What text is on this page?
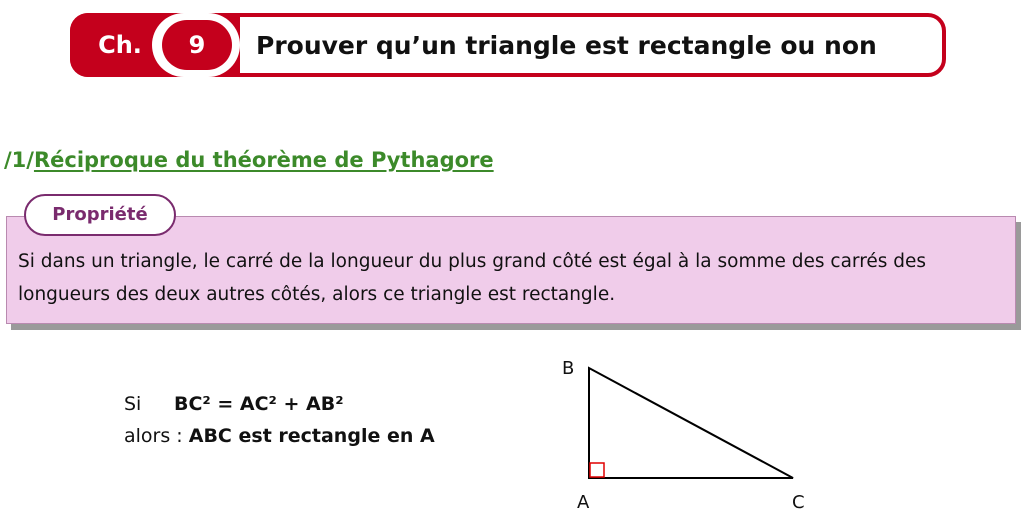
Ch.	9	Prouver qu’un triangle est rectangle ou non
/1/Réciproque du théorème de Pythagore
Propriété
Si dans un triangle, le carré de la longueur du plus grand côté est égal à la somme des carrés des longueurs des deux autres côtés, alors ce triangle est rectangle.
Si BC² = AC² + AB²
alors : ABC est rectangle en A
B
A	C
